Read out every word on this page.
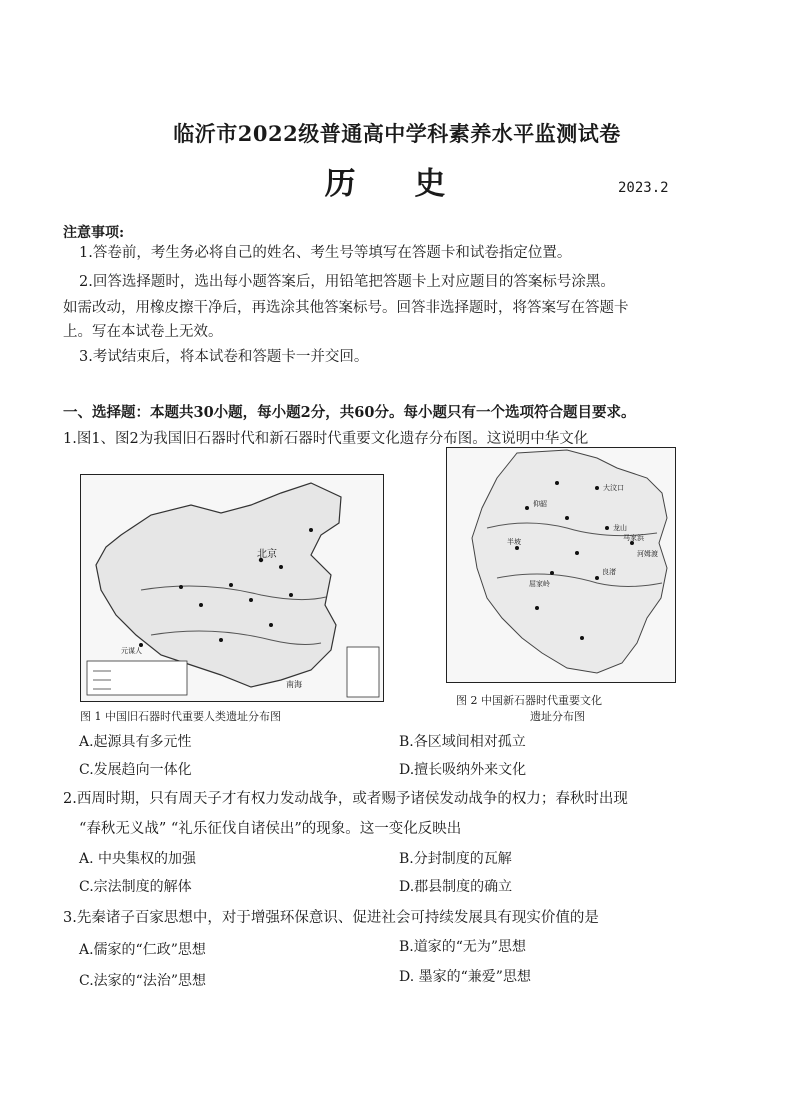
临沂市2022级普通高中学科素养水平监测试卷
历 史	2023.2
注意事项:
1.答卷前，考生务必将自己的姓名、考生号等填写在答题卡和试卷指定位置。
2.回答选择题时，选出每小题答案后，用铅笔把答题卡上对应题目的答案标号涂黑。
如需改动，用橡皮擦干净后，再选涂其他答案标号。回答非选择题时，将答案写在答题卡
上。写在本试卷上无效。
3.考试结束后，将本试卷和答题卡一并交回。
一、选择题：本题共30小题，每小题2分，共60分。每小题只有一个选项符合题目要求。
1.图1、图2为我国旧石器时代和新石器时代重要文化遗存分布图。这说明中华文化
北京
元谋人
南海
图 1 中国旧石器时代重要人类遗址分布图
大汶口
龙山
仰韶
半坡
河姆渡
良渚
屈家岭
马家浜
图 2 中国新石器时代重要文化
遗址分布图
A.起源具有多元性	B.各区域间相对孤立
C.发展趋向一体化	D.擅长吸纳外来文化
2.西周时期，只有周天子才有权力发动战争，或者赐予诸侯发动战争的权力；春秋时出现
“春秋无义战” “礼乐征伐自诸侯出”的现象。这一变化反映出
A. 中央集权的加强	B.分封制度的瓦解
C.宗法制度的解体	D.郡县制度的确立
3.先秦诸子百家思想中，对于增强环保意识、促进社会可持续发展具有现实价值的是
A.儒家的“仁政”思想	B.道家的“无为”思想
C.法家的“法治”思想	D. 墨家的“兼爱”思想
